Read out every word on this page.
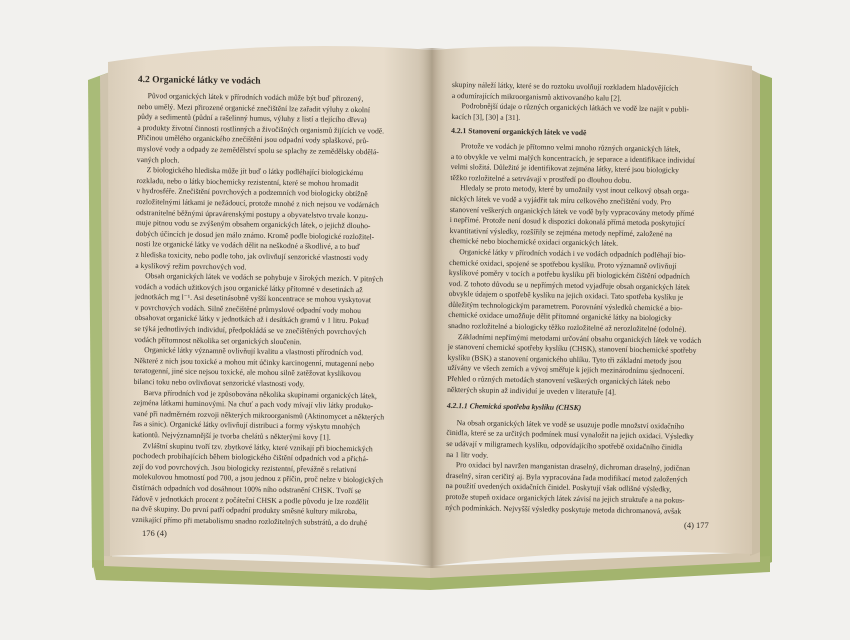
4.2 Organické látky ve vodách
Původ organických látek v přírodních vodách může být buď přirozený,
nebo umělý. Mezi přirozené organické znečištění lze zařadit výluhy z okolní
půdy a sedimentů (půdní a rašelinný humus, výluhy z listí a tlejícího dřeva)
a produkty životní činnosti rostlinných a živočišných organismů žijících ve vodě.
Přičinou umělého organického znečištění jsou odpadní vody splaškové, prů-
myslové vody a odpady ze zemědělství spolu se splachy ze zemědělsky obdělá-
vaných ploch.
Z biologického hlediska může jít buď o látky podléhající biologickému
rozkladu, nebo o látky biochemicky rezistentní, které se mohou hromadit
v hydrosféře. Znečištění povrchových a podzemních vod biologicky obtížně
rozložitelnými látkami je nežádoucí, protože mnohé z nich nejsou ve vodárnách
odstranitelné běžnými úpravárenskými postupy a obyvatelstvo trvale konzu-
muje pitnou vodu se zvýšeným obsahem organických látek, o jejichž dlouho-
dobých účincích je dosud jen málo známo. Kromě podle biologické rozložitel-
nosti lze organické látky ve vodách dělit na neškodné a škodlivé, a to buď
z hlediska toxicity, nebo podle toho, jak ovlivňují senzorické vlastnosti vody
a kyslíkový režim povrchových vod.
Obsah organických látek ve vodách se pohybuje v širokých mezích. V pitných
vodách a vodách užitkových jsou organické látky přítomné v desetinách až
jednotkách mg l⁻¹. Asi desetinásobně vyšší koncentrace se mohou vyskytovat
v povrchových vodách. Silně znečištěné průmyslové odpadní vody mohou
obsahovat organické látky v jednotkách až i desítkách gramů v 1 litru. Pokud
se týká jednotlivých individuí, předpokládá se ve znečištěných povrchových
vodách přítomnost několika set organických sloučenin.
Organické látky významně ovlivňují kvalitu a vlastnosti přírodních vod.
Některé z nich jsou toxické a mohou mít účinky karcinogenní, mutagenní nebo
teratogenní, jiné sice nejsou toxické, ale mohou silně zatěžovat kyslíkovou
bilanci toku nebo ovlivňovat senzorické vlastnosti vody.
Barva přírodních vod je způsobována několika skupinami organických látek,
zejména látkami huminovými. Na chuť a pach vody mívají vliv látky produko-
vané při nadměrném rozvoji některých mikroorganismů (Aktinomycet a některých
řas a sinic). Organické látky ovlivňují distribuci a formy výskytu mnohých
kationtů. Nejvýznamnější je tvorba chelátů s některými kovy [1].
Zvláštní skupinu tvoří tzv. zbytkové látky, které vznikají při biochemických
pochodech probíhajících během biologického čištění odpadních vod a přichá-
zejí do vod povrchových. Jsou biologicky rezistentní, převážně s relativní
molekulovou hmotností pod 700, a jsou jednou z příčin, proč nelze v biologických
čistírnách odpadních vod dosáhnout 100% ního odstranění CHSK. Tvoří se
řádově v jednotkách procent z počáteční CHSK a podle původu je lze rozdělit
na dvě skupiny. Do první patří odpadní produkty směsné kultury mikroba,
vznikající přímo při metabolismu snadno rozložitelných substrátů, a do druhé
176 (4)
skupiny náleží látky, které se do roztoku uvolňují rozkladem hladovějících
a odumírajících mikroorganismů aktivovaného kalu [2].
Podrobnější údaje o různých organických látkách ve vodě lze najít v publi-
kacích [3], [30] a [31].
4.2.1 Stanovení organických látek ve vodě
Protože ve vodách je přítomno velmi mnoho různých organických látek,
a to obvykle ve velmi malých koncentracích, je separace a identifikace individuí
velmi složitá. Důležité je identifikovat zejména látky, které jsou biologicky
těžko rozložitelné a setrvávají v prostředí po dlouhou dobu.
Hledaly se proto metody, které by umožnily vyst inout celkový obsah orga-
nických látek ve vodě a vyjádřit tak míru celkového znečištění vody. Pro
stanovení veškerých organických látek ve vodě byly vypracovány metody přímé
i nepřímé. Protože není dosud k dispozici dokonalá přímá metoda poskytující
kvantitativní výsledky, rozšířily se zejména metody nepřímé, založené na
chemické nebo biochemické oxidaci organických látek.
Organické látky v přírodních vodách i ve vodách odpadních podléhají bio-
chemické oxidaci, spojené se spotřebou kyslíku. Proto významně ovlivňují
kyslíkové poměry v tocích a potřebu kyslíku při biologickém čištění odpadních
vod. Z tohoto důvodu se u nepřímých metod vyjadřuje obsah organických látek
obvykle údajem o spotřebě kyslíku na jejich oxidaci. Tato spotřeba kyslíku je
důležitým technologickým parametrem. Porovnání výsledků chemické a bio-
chemické oxidace umožňuje dělit přítomné organické látky na biologicky
snadno rozložitelné a biologicky těžko rozložitelné až nerozložitelné (odolné).
Základními nepřímými metodami určování obsahu organických látek ve vodách
je stanovení chemické spotřeby kyslíku (CHSK), stanovení biochemické spotřeby
kyslíku (BSK) a stanovení organického uhlíku. Tyto tři základní metody jsou
užívány ve všech zemích a vývoj směřuje k jejich mezinárodnímu sjednocení.
Přehled o různých metodách stanovení veškerých organických látek nebo
některých skupin až individuí je uveden v literatuře [4].
4.2.1.1 Chemická spotřeba kyslíku (CHSK)
Na obsah organických látek ve vodě se usuzuje podle množství oxidačního
činidla, které se za určitých podmínek musí vynaložit na jejich oxidaci. Výsledky
se udávají v miligramech kyslíku, odpovídajícího spotřebě oxidačního činidla
na 1 litr vody.
Pro oxidaci byl navržen manganistan draselný, dichroman draselný, jodičnan
draselný, síran ceričitý aj. Byla vypracována řada modifikací metod založených
na použití uvedených oxidačních činidel. Poskytují však odlišné výsledky,
protože stupeň oxidace organických látek závisí na jejich struktuře a na pokus-
ných podmínkách. Nejvyšší výsledky poskytuje metoda dichromanová, avšak
(4) 177
